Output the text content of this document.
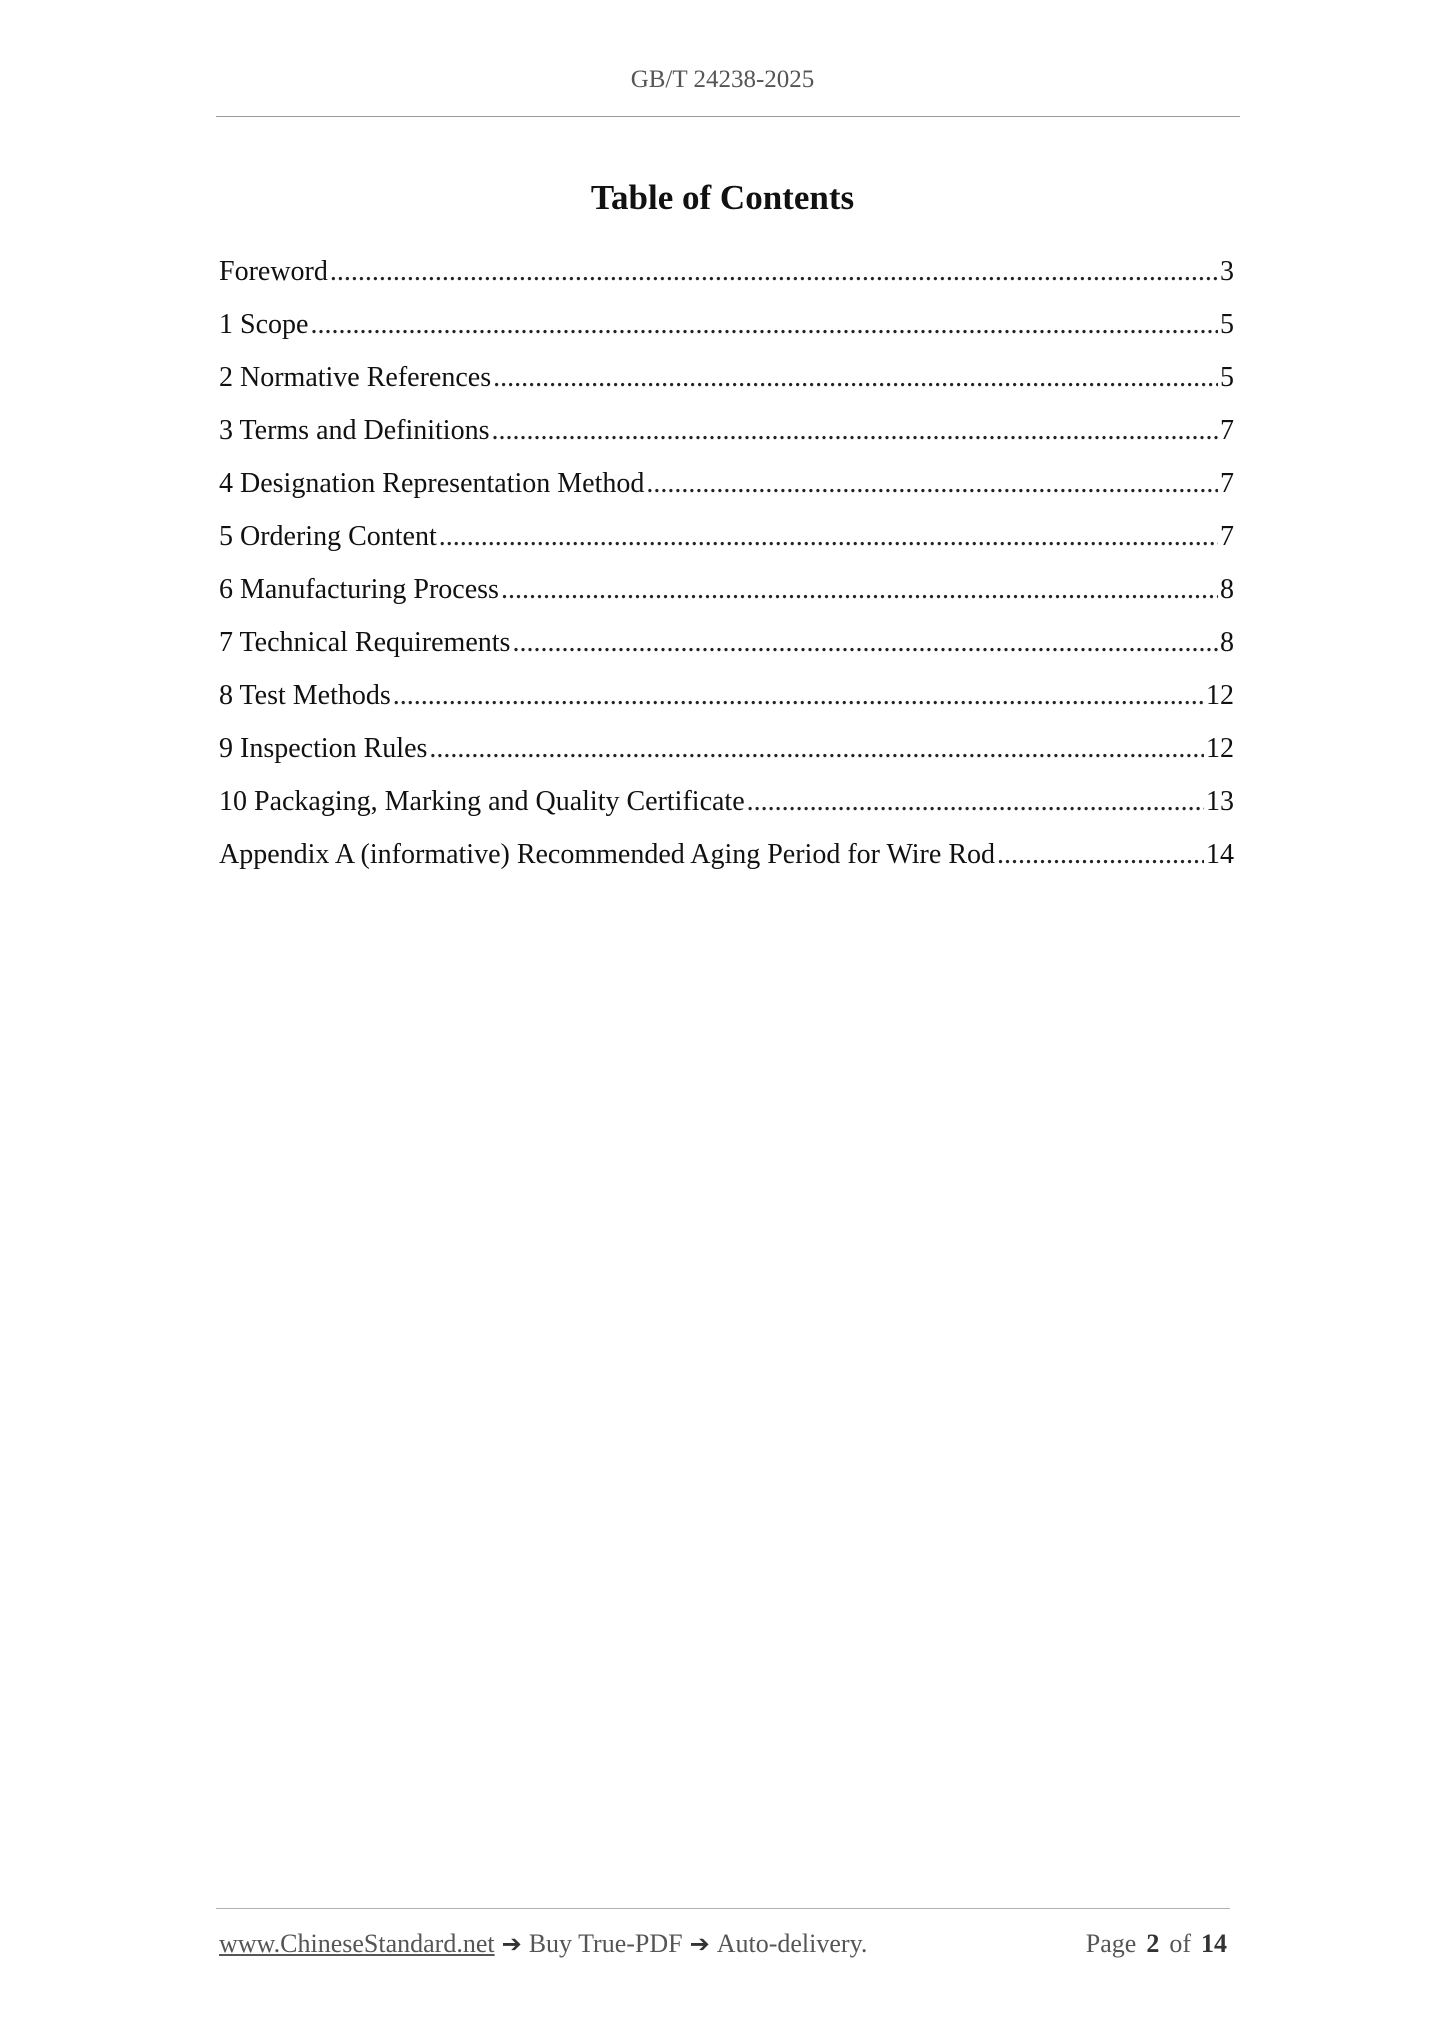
GB/T 24238-2025
Table of Contents
Foreword .....	3
1 Scope .....	5
2 Normative References .....	5
3 Terms and Definitions .....	7
4 Designation Representation Method .....	7
5 Ordering Content .....	7
6 Manufacturing Process .....	8
7 Technical Requirements .....	8
8 Test Methods .....	12
9 Inspection Rules .....	12
10 Packaging, Marking and Quality Certificate .....	13
Appendix A (informative) Recommended Aging Period for Wire Rod .....	14
www.ChineseStandard.net ➔ Buy True-PDF ➔ Auto-delivery.	Page 2 of 14
